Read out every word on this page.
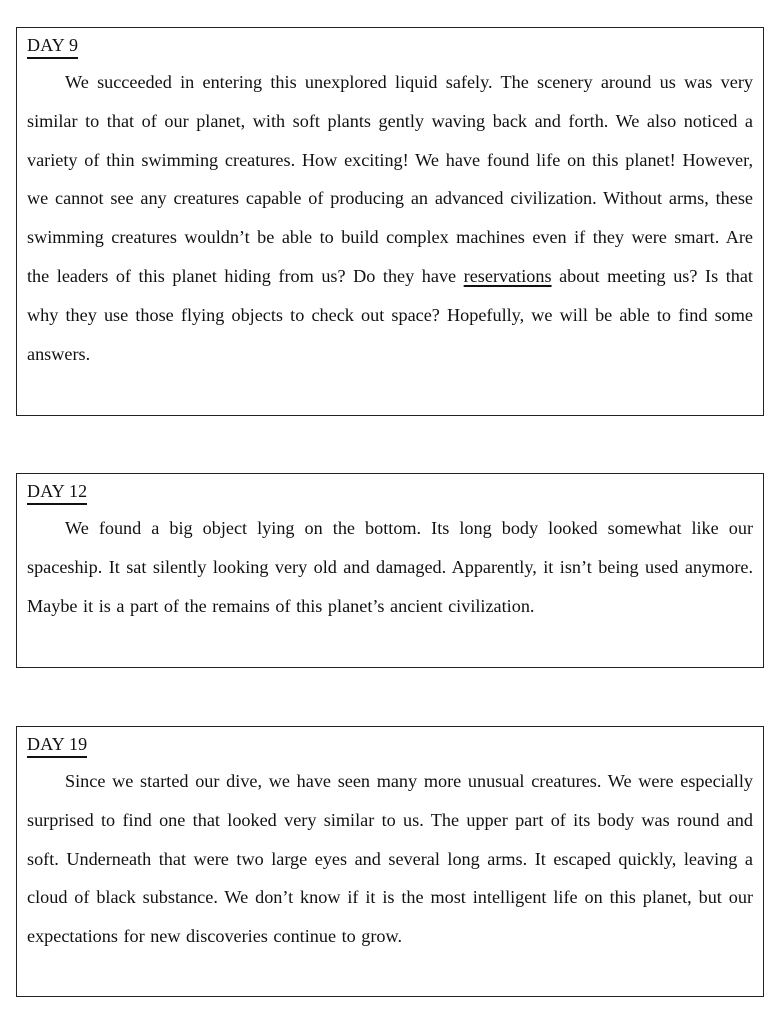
DAY 9

We succeeded in entering this unexplored liquid safely. The scenery around us was very similar to that of our planet, with soft plants gently waving back and forth. We also noticed a variety of thin swimming creatures. How exciting! We have found life on this planet! However, we cannot see any creatures capable of producing an advanced civilization. Without arms, these swimming creatures wouldn’t be able to build complex machines even if they were smart. Are the leaders of this planet hiding from us? Do they have reservations about meeting us? Is that why they use those flying objects to check out space? Hopefully, we will be able to find some answers.

DAY 12

We found a big object lying on the bottom. Its long body looked somewhat like our spaceship. It sat silently looking very old and damaged. Apparently, it isn’t being used anymore. Maybe it is a part of the remains of this planet’s ancient civilization.

DAY 19

Since we started our dive, we have seen many more unusual creatures. We were especially surprised to find one that looked very similar to us. The upper part of its body was round and soft. Underneath that were two large eyes and several long arms. It escaped quickly, leaving a cloud of black substance. We don’t know if it is the most intelligent life on this planet, but our expectations for new discoveries continue to grow.
